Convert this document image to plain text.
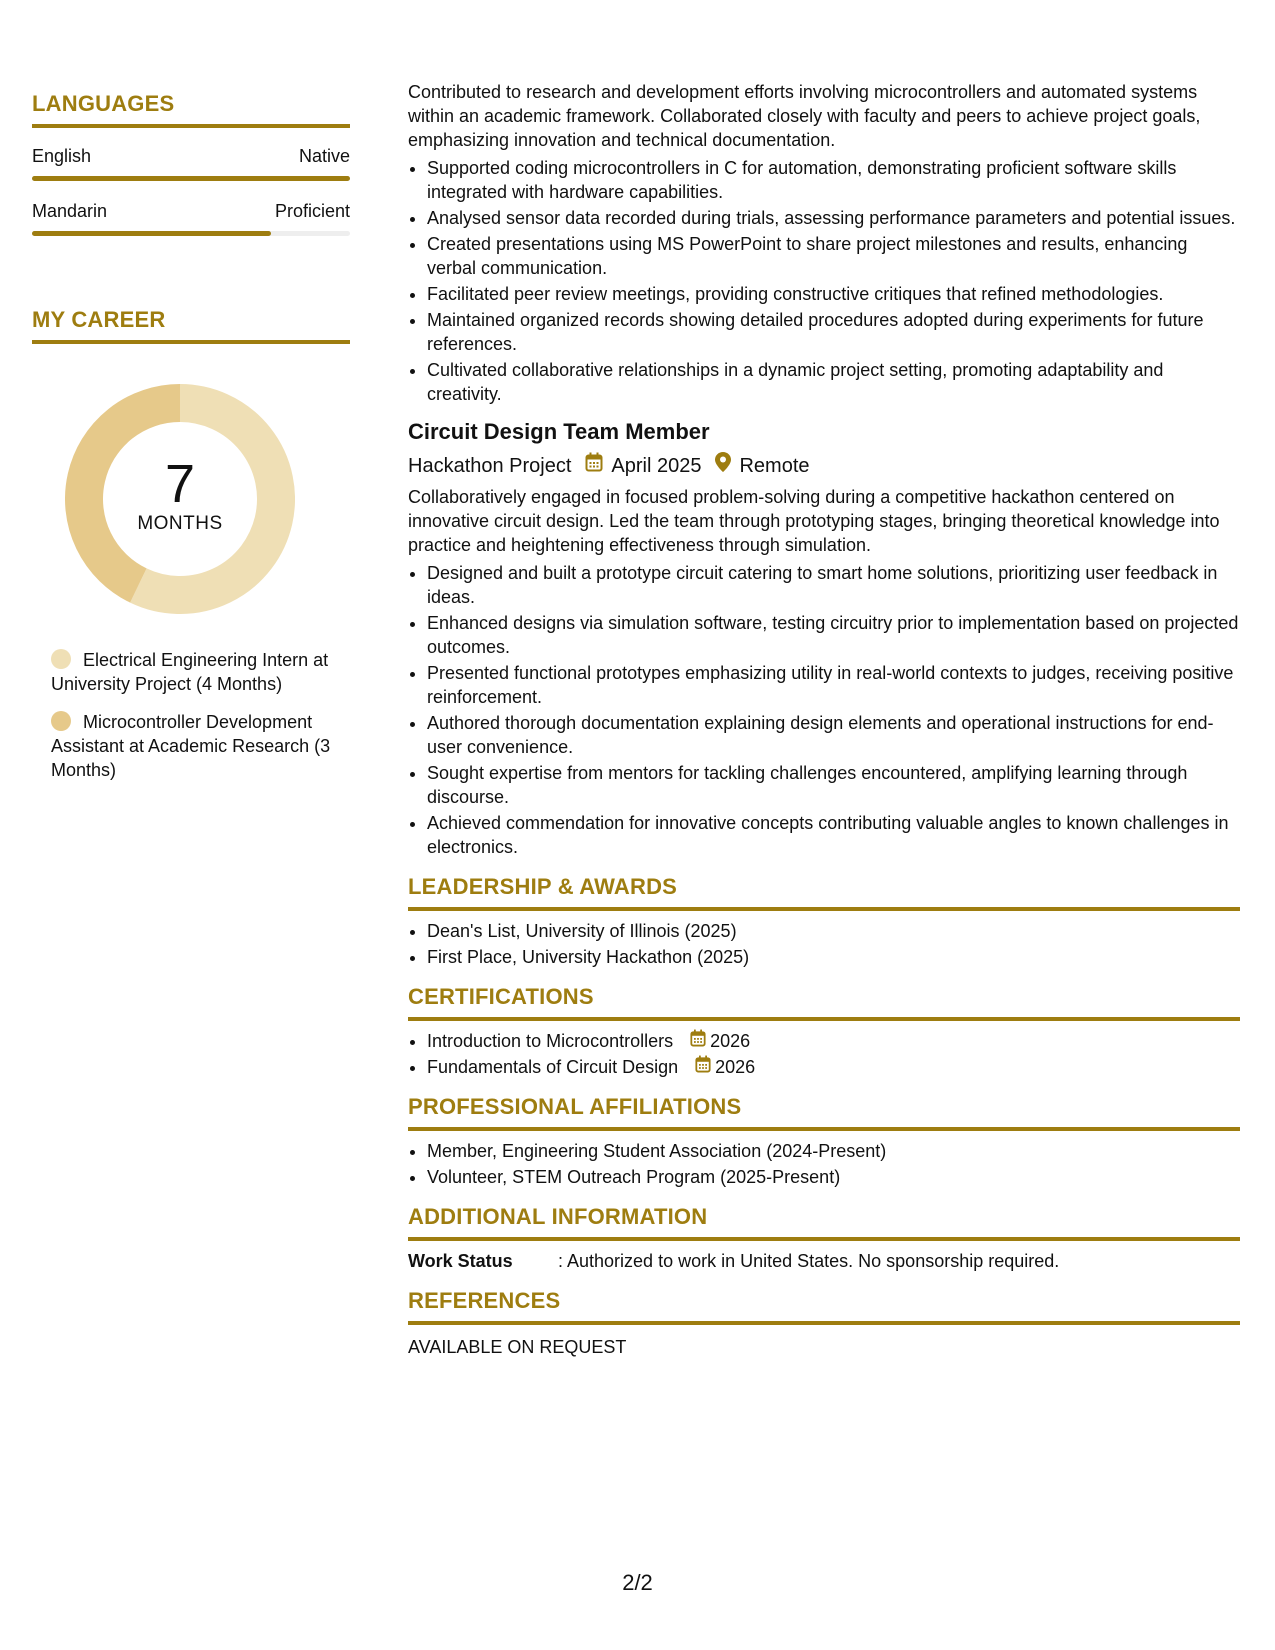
LANGUAGES
English	Native
Mandarin	Proficient
MY CAREER
7
MONTHS
Electrical Engineering Intern at University Project (4 Months)
Microcontroller Development Assistant at Academic Research (3 Months)

Contributed to research and development efforts involving microcontrollers and automated systems within an academic framework. Collaborated closely with faculty and peers to achieve project goals, emphasizing innovation and technical documentation.

• Supported coding microcontrollers in C for automation, demonstrating proficient software skills integrated with hardware capabilities.
• Analysed sensor data recorded during trials, assessing performance parameters and potential issues.
• Created presentations using MS PowerPoint to share project milestones and results, enhancing verbal communication.
• Facilitated peer review meetings, providing constructive critiques that refined methodologies.
• Maintained organized records showing detailed procedures adopted during experiments for future references.
• Cultivated collaborative relationships in a dynamic project setting, promoting adaptability and creativity.
Circuit Design Team Member
Hackathon Project April 2025 Remote

Collaboratively engaged in focused problem-solving during a competitive hackathon centered on innovative circuit design. Led the team through prototyping stages, bringing theoretical knowledge into practice and heightening effectiveness through simulation.

• Designed and built a prototype circuit catering to smart home solutions, prioritizing user feedback in ideas.
• Enhanced designs via simulation software, testing circuitry prior to implementation based on projected outcomes.
• Presented functional prototypes emphasizing utility in real-world contexts to judges, receiving positive reinforcement.
• Authored thorough documentation explaining design elements and operational instructions for end-user convenience.
• Sought expertise from mentors for tackling challenges encountered, amplifying learning through discourse.
• Achieved commendation for innovative concepts contributing valuable angles to known challenges in electronics.
LEADERSHIP & AWARDS
• Dean's List, University of Illinois (2025)
• First Place, University Hackathon (2025)
CERTIFICATIONS
• Introduction to Microcontrollers 2026
• Fundamentals of Circuit Design 2026
PROFESSIONAL AFFILIATIONS
• Member, Engineering Student Association (2024-Present)
• Volunteer, STEM Outreach Program (2025-Present)
ADDITIONAL INFORMATION
Work Status	: Authorized to work in United States. No sponsorship required.
REFERENCES
AVAILABLE ON REQUEST
2/2
